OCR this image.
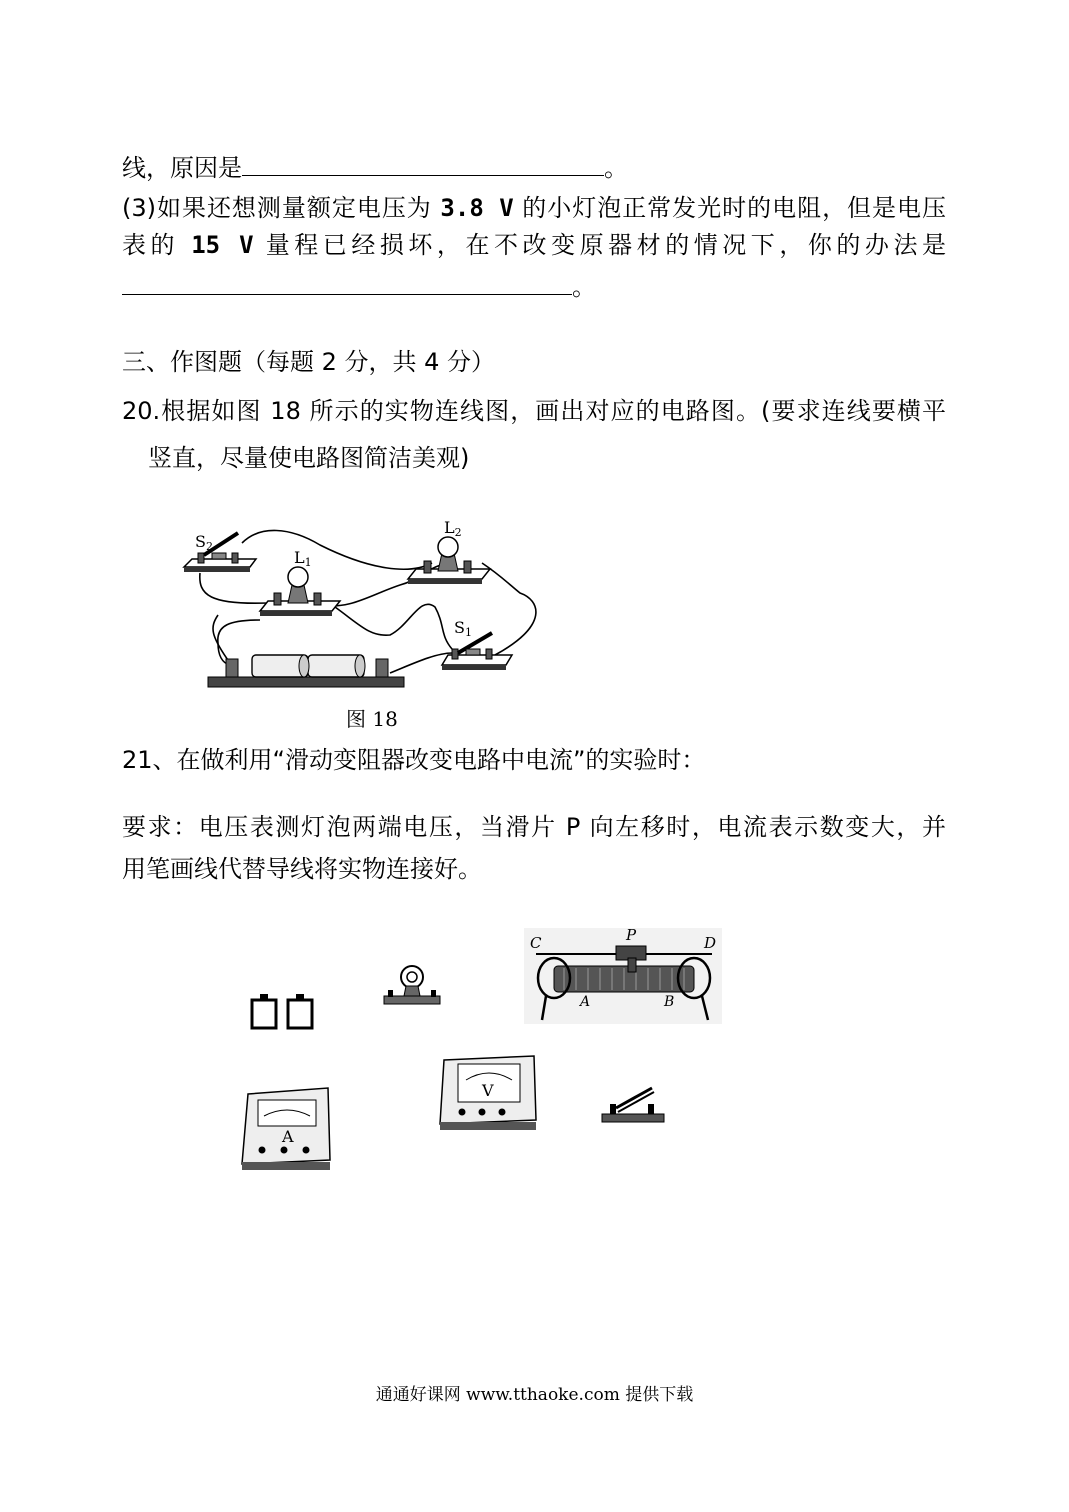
线，原因是	。
(3)如果还想测量额定电压为 3.8 V 的小灯泡正常发光时的电阻，但是电压
表的 15 V 量程已经损坏，在不改变原器材的情况下，你的办法是
。
三、作图题（每题 2 分，共 4 分）
20.根据如图 18 所示的实物连线图，画出对应的电路图。(要求连线要横平
竖直，尽量使电路图简洁美观)
S2
L1
L2
S1
图 18
21、在做利用“滑动变阻器改变电路中电流”的实验时：
要求：电压表测灯泡两端电压，当滑片 P 向左移时，电流表示数变大，并
用笔画线代替导线将实物连接好。
C	P	D
A	B
V
A
通通好课网 www.tthaoke.com 提供下载
